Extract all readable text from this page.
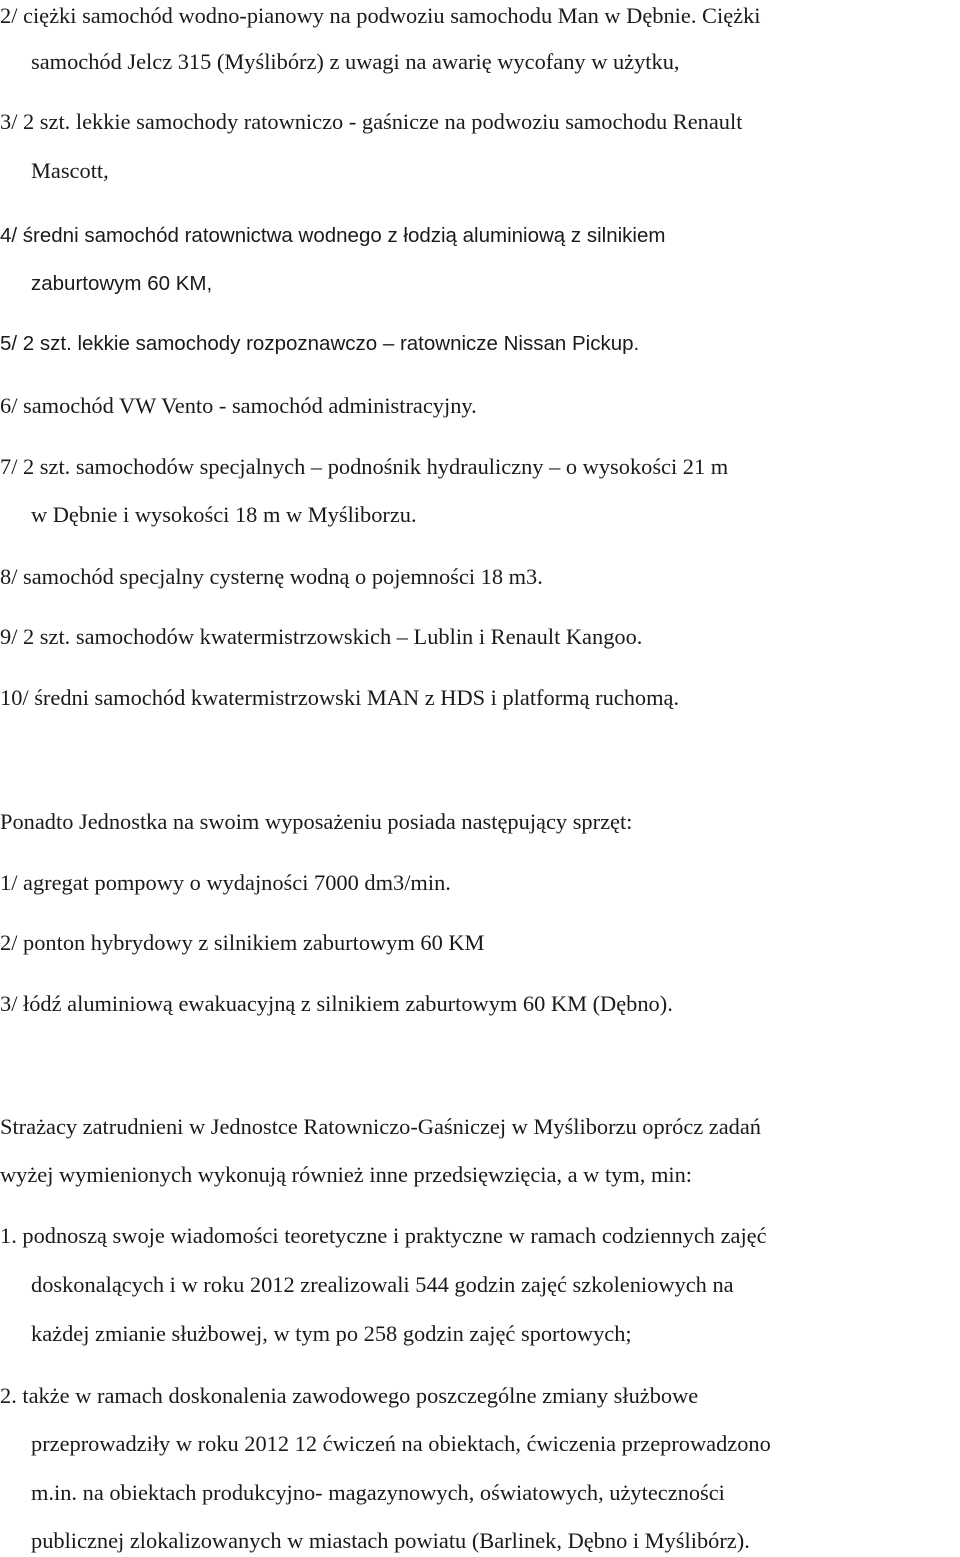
2/ ciężki samochód wodno-pianowy na podwoziu samochodu Man w Dębnie. Ciężki
samochód Jelcz 315 (Myślibórz) z uwagi na awarię wycofany w użytku,
3/ 2 szt. lekkie samochody ratowniczo - gaśnicze na podwoziu samochodu Renault
Mascott,
4/ średni samochód ratownictwa wodnego z łodzią aluminiową z silnikiem
zaburtowym 60 KM,
5/ 2 szt. lekkie samochody rozpoznawczo – ratownicze Nissan Pickup.
6/ samochód VW Vento - samochód administracyjny.
7/ 2 szt. samochodów specjalnych – podnośnik hydrauliczny – o wysokości 21 m
w Dębnie i wysokości 18 m w Myśliborzu.
8/ samochód specjalny cysternę wodną o pojemności 18 m3.
9/ 2 szt. samochodów kwatermistrzowskich – Lublin i Renault Kangoo.
10/ średni samochód kwatermistrzowski MAN z HDS i platformą ruchomą.
Ponadto Jednostka na swoim wyposażeniu posiada następujący sprzęt:
1/ agregat pompowy o wydajności 7000 dm3/min.
2/ ponton hybrydowy z silnikiem zaburtowym 60 KM
3/ łódź aluminiową ewakuacyjną z silnikiem zaburtowym 60 KM (Dębno).
Strażacy zatrudnieni w Jednostce Ratowniczo-Gaśniczej w Myśliborzu oprócz zadań
wyżej wymienionych wykonują również inne przedsięwzięcia, a w tym, min:
1. podnoszą swoje wiadomości teoretyczne i praktyczne w ramach codziennych zajęć
doskonalących i w roku 2012 zrealizowali 544 godzin zajęć szkoleniowych na
każdej zmianie służbowej, w tym po 258 godzin zajęć sportowych;
2. także w ramach doskonalenia zawodowego poszczególne zmiany służbowe
przeprowadziły w roku 2012 12 ćwiczeń na obiektach, ćwiczenia przeprowadzono
m.in. na obiektach produkcyjno- magazynowych, oświatowych, użyteczności
publicznej zlokalizowanych w miastach powiatu (Barlinek, Dębno i Myślibórz).
